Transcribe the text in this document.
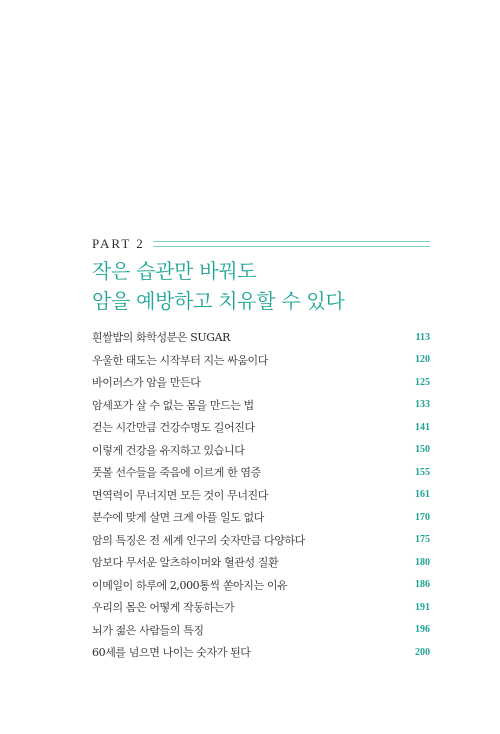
PART 2
작은 습관만 바꿔도
암을 예방하고 치유할 수 있다
흰쌀밥의 화학성분은 SUGAR	113
우울한 태도는 시작부터 지는 싸움이다	120
바이러스가 암을 만든다	125
암세포가 살 수 없는 몸을 만드는 법	133
걷는 시간만큼 건강수명도 길어진다	141
이렇게 건강을 유지하고 있습니다	150
풋볼 선수들을 죽음에 이르게 한 염증	155
면역력이 무너지면 모든 것이 무너진다	161
분수에 맞게 살면 크게 아플 일도 없다	170
암의 특징은 전 세계 인구의 숫자만큼 다양하다	175
암보다 무서운 알츠하이머와 혈관성 질환	180
이메일이 하루에 2,000통씩 쏟아지는 이유	186
우리의 몸은 어떻게 작동하는가	191
뇌가 젊은 사람들의 특징	196
60세를 넘으면 나이는 숫자가 된다	200
